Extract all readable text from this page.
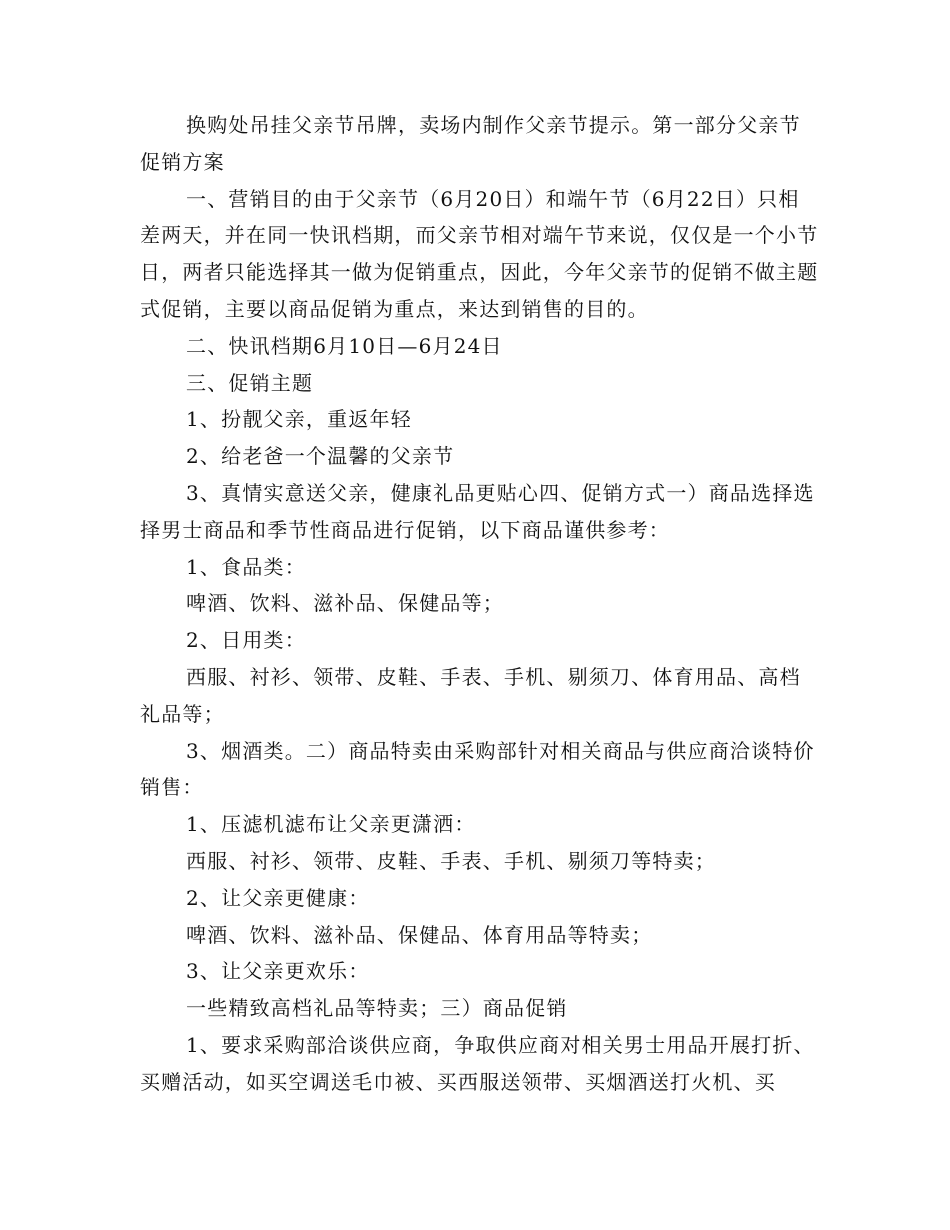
换购处吊挂父亲节吊牌，卖场内制作父亲节提示。第一部分父亲节促销方案

一、营销目的由于父亲节（6月20日）和端午节（6月22日）只相差两天，并在同一快讯档期，而父亲节相对端午节来说，仅仅是一个小节日，两者只能选择其一做为促销重点，因此，今年父亲节的促销不做主题式促销，主要以商品促销为重点，来达到销售的目的。

二、快讯档期6月10日—6月24日

三、促销主题

1、扮靓父亲，重返年轻

2、给老爸一个温馨的父亲节

3、真情实意送父亲，健康礼品更贴心四、促销方式一）商品选择选择男士商品和季节性商品进行促销，以下商品谨供参考：

1、食品类：

啤酒、饮料、滋补品、保健品等；

2、日用类：

西服、衬衫、领带、皮鞋、手表、手机、剔须刀、体育用品、高档礼品等；

3、烟酒类。二）商品特卖由采购部针对相关商品与供应商洽谈特价销售：

1、压滤机滤布让父亲更潇洒：

西服、衬衫、领带、皮鞋、手表、手机、剔须刀等特卖；

2、让父亲更健康：

啤酒、饮料、滋补品、保健品、体育用品等特卖；

3、让父亲更欢乐：

一些精致高档礼品等特卖；三）商品促销

1、要求采购部洽谈供应商，争取供应商对相关男士用品开展打折、买赠活动，如买空调送毛巾被、买西服送领带、买烟酒送打火机、买
